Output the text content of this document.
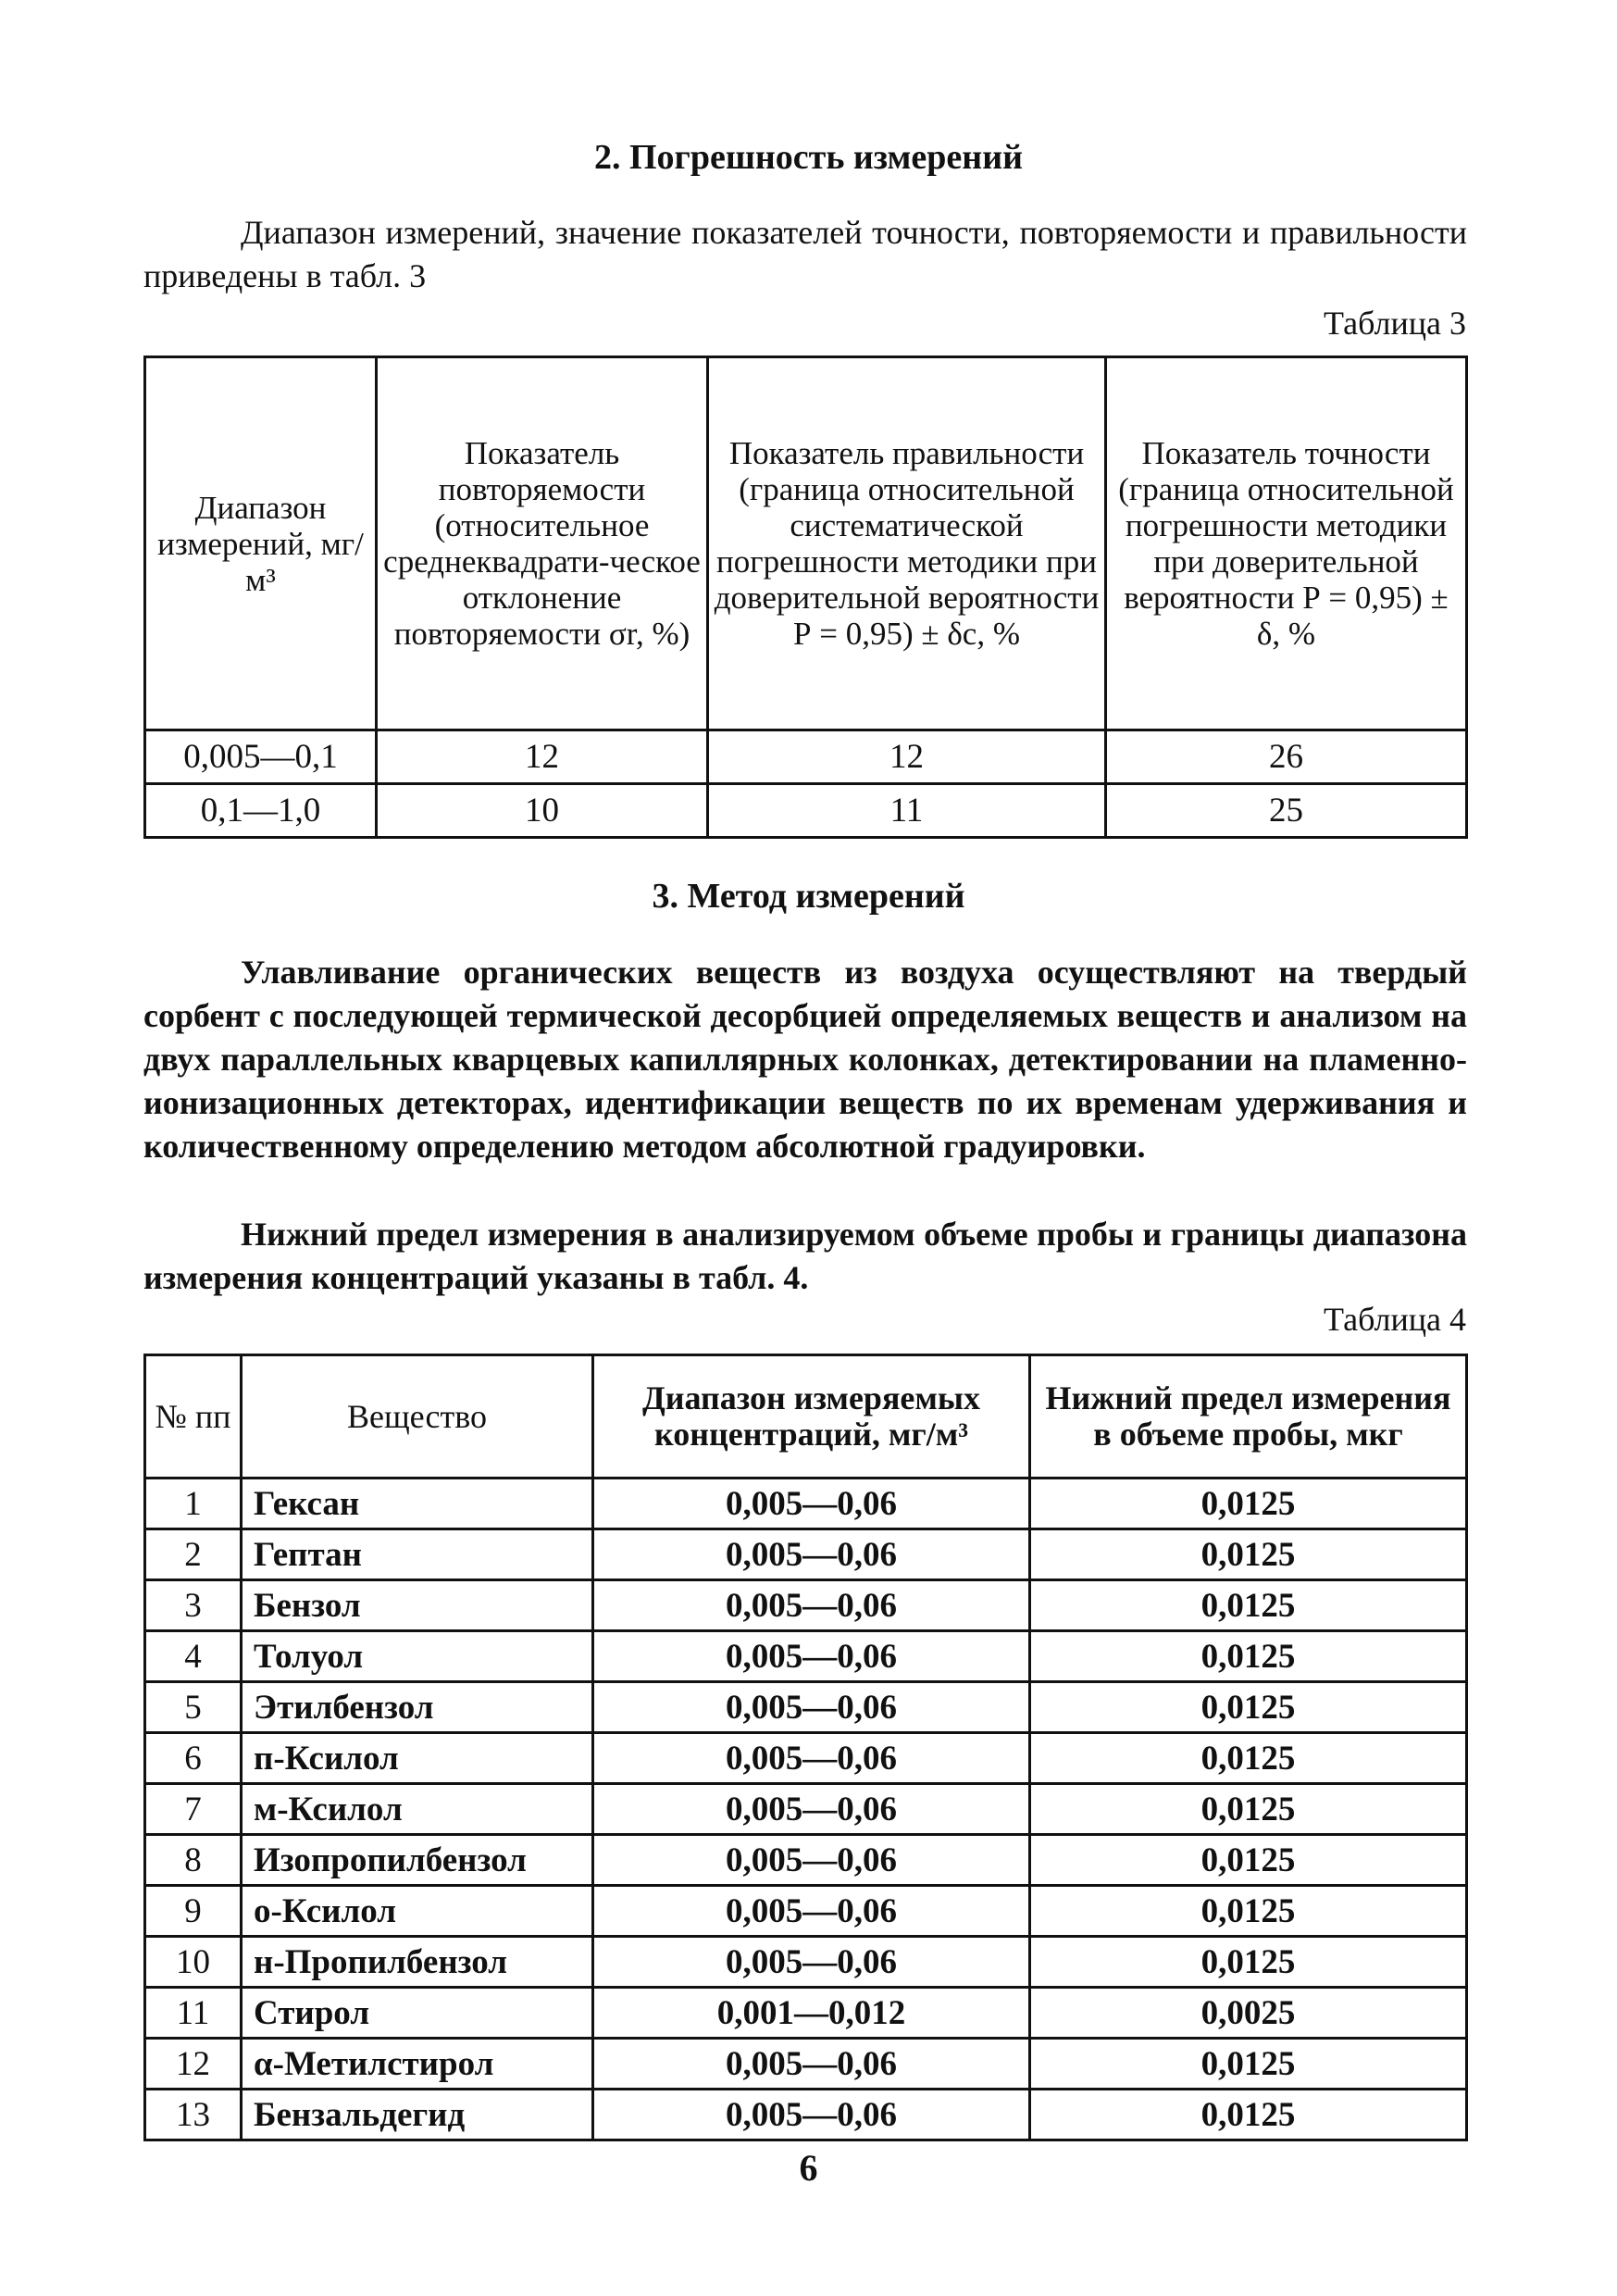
2. Погрешность измерений
Диапазон измерений, значение показателей точности, повторяемости и правильности приведены в табл. 3
Таблица 3
Диапазон измерений, мг/м³	Показатель повторяемости (относительное среднеквадрати-ческое отклонение повторяемости σr, %)	Показатель правильности (граница относительной систематической погрешности методики при доверительной вероятности Р = 0,95) ± δс, %	Показатель точности (граница относительной погрешности методики при доверительной вероятности Р = 0,95) ± δ, %
0,005—0,1	12	12	26
0,1—1,0	10	11	25
3. Метод измерений
Улавливание органических веществ из воздуха осуществляют на твердый сорбент с последующей термической десорбцией определяемых веществ и анализом на двух параллельных кварцевых капиллярных колонках, детектировании на пламенно-ионизационных детекторах, идентификации веществ по их временам удерживания и количественному определению методом абсолютной градуировки.
Нижний предел измерения в анализируемом объеме пробы и границы диапазона измерения концентраций указаны в табл. 4.
Таблица 4
№ пп	Вещество	Диапазон измеряемых концентраций, мг/м³	Нижний предел измерения в объеме пробы, мкг
1	Гексан	0,005—0,06	0,0125
2	Гептан	0,005—0,06	0,0125
3	Бензол	0,005—0,06	0,0125
4	Толуол	0,005—0,06	0,0125
5	Этилбензол	0,005—0,06	0,0125
6	п-Ксилол	0,005—0,06	0,0125
7	м-Ксилол	0,005—0,06	0,0125
8	Изопропилбензол	0,005—0,06	0,0125
9	о-Ксилол	0,005—0,06	0,0125
10	н-Пропилбензол	0,005—0,06	0,0125
11	Стирол	0,001—0,012	0,0025
12	α-Метилстирол	0,005—0,06	0,0125
13	Бензальдегид	0,005—0,06	0,0125
6
